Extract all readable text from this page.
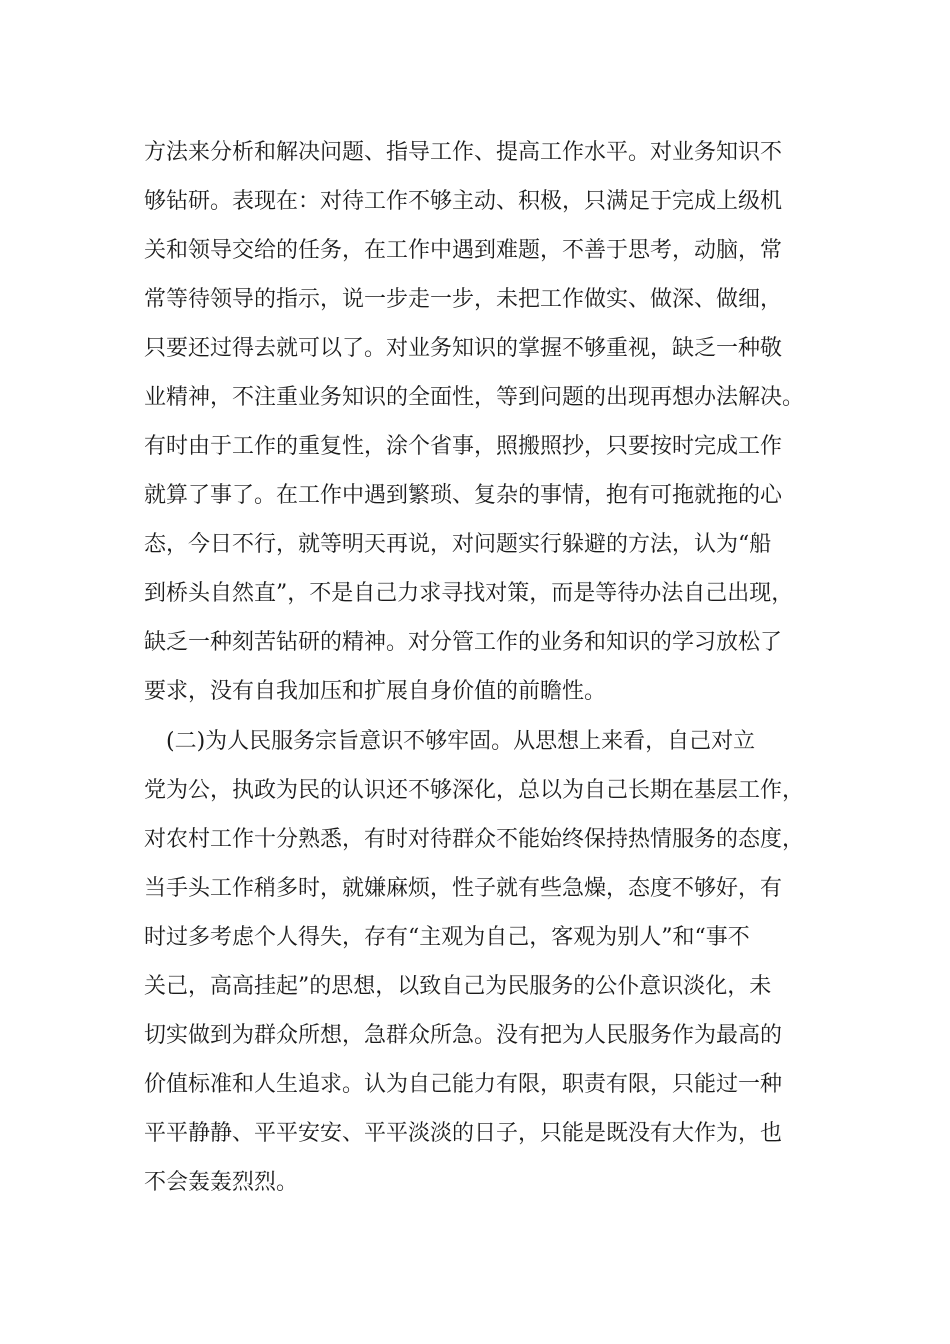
方法来分析和解决问题、指导工作、提高工作水平。对业务知识不
够钻研。表现在：对待工作不够主动、积极，只满足于完成上级机
关和领导交给的任务，在工作中遇到难题，不善于思考，动脑，常
常等待领导的指示，说一步走一步，未把工作做实、做深、做细，
只要还过得去就可以了。对业务知识的掌握不够重视，缺乏一种敬
业精神，不注重业务知识的全面性，等到问题的出现再想办法解决。
有时由于工作的重复性，涂个省事，照搬照抄，只要按时完成工作
就算了事了。在工作中遇到繁琐、复杂的事情，抱有可拖就拖的心
态，今日不行，就等明天再说，对问题实行躲避的方法，认为“船
到桥头自然直”，不是自己力求寻找对策，而是等待办法自己出现，
缺乏一种刻苦钻研的精神。对分管工作的业务和知识的学习放松了
要求，没有自我加压和扩展自身价值的前瞻性。
(二)为人民服务宗旨意识不够牢固。从思想上来看，自己对立
党为公，执政为民的认识还不够深化，总以为自己长期在基层工作，
对农村工作十分熟悉，有时对待群众不能始终保持热情服务的态度，
当手头工作稍多时，就嫌麻烦，性子就有些急燥，态度不够好，有
时过多考虑个人得失，存有“主观为自己，客观为别人”和“事不
关己，高高挂起”的思想，以致自己为民服务的公仆意识淡化，未
切实做到为群众所想，急群众所急。没有把为人民服务作为最高的
价值标准和人生追求。认为自己能力有限，职责有限，只能过一种
平平静静、平平安安、平平淡淡的日子，只能是既没有大作为，也
不会轰轰烈烈。
